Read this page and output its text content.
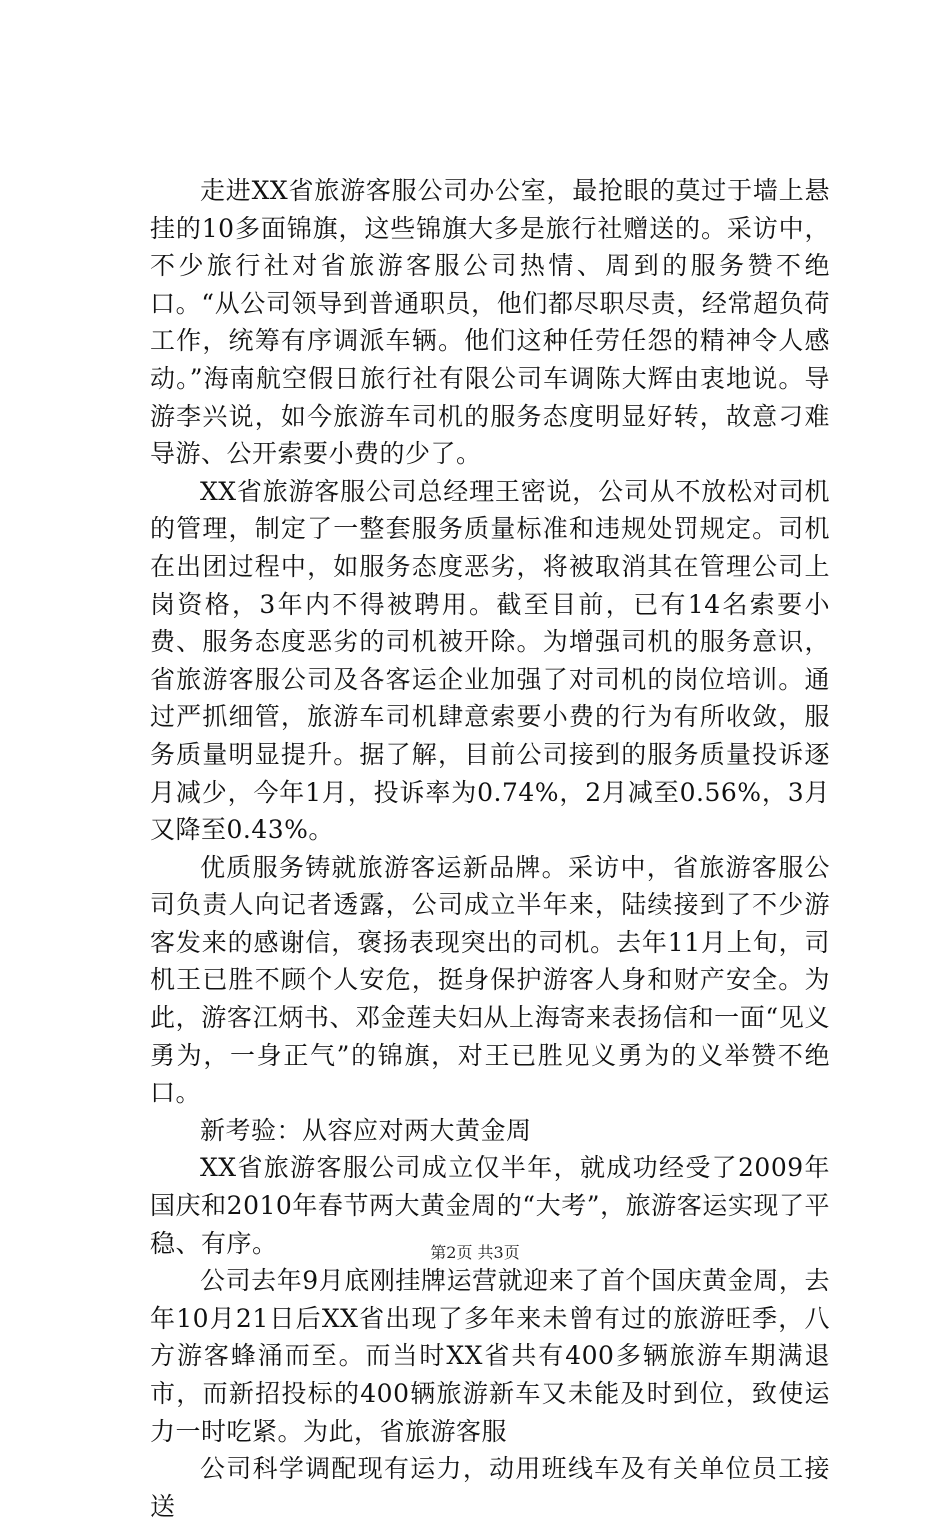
走进XX省旅游客服公司办公室，最抢眼的莫过于墙上悬挂的10多面锦旗，这些锦旗大多是旅行社赠送的。采访中，不少旅行社对省旅游客服公司热情、周到的服务赞不绝口。“从公司领导到普通职员，他们都尽职尽责，经常超负荷工作，统筹有序调派车辆。他们这种任劳任怨的精神令人感动。”海南航空假日旅行社有限公司车调陈大辉由衷地说。导游李兴说，如今旅游车司机的服务态度明显好转，故意刁难导游、公开索要小费的少了。

XX省旅游客服公司总经理王密说，公司从不放松对司机的管理，制定了一整套服务质量标准和违规处罚规定。司机在出团过程中，如服务态度恶劣，将被取消其在管理公司上岗资格，3年内不得被聘用。截至目前，已有14名索要小费、服务态度恶劣的司机被开除。为增强司机的服务意识，省旅游客服公司及各客运企业加强了对司机的岗位培训。通过严抓细管，旅游车司机肆意索要小费的行为有所收敛，服务质量明显提升。据了解，目前公司接到的服务质量投诉逐月减少，今年1月，投诉率为0.74%，2月减至0.56%，3月又降至0.43%。

优质服务铸就旅游客运新品牌。采访中，省旅游客服公司负责人向记者透露，公司成立半年来，陆续接到了不少游客发来的感谢信，褒扬表现突出的司机。去年11月上旬，司机王已胜不顾个人安危，挺身保护游客人身和财产安全。为此，游客江炳书、邓金莲夫妇从上海寄来表扬信和一面“见义勇为，一身正气”的锦旗，对王已胜见义勇为的义举赞不绝口。

新考验：从容应对两大黄金周

XX省旅游客服公司成立仅半年，就成功经受了2009年国庆和2010年春节两大黄金周的“大考”，旅游客运实现了平稳、有序。

公司去年9月底刚挂牌运营就迎来了首个国庆黄金周，去年10月21日后XX省出现了多年来未曾有过的旅游旺季，八方游客蜂涌而至。而当时XX省共有400多辆旅游车期满退市，而新招投标的400辆旅游新车又未能及时到位，致使运力一时吃紧。为此，省旅游客服

公司科学调配现有运力，动用班线车及有关单位员工接送

第2页 共3页
